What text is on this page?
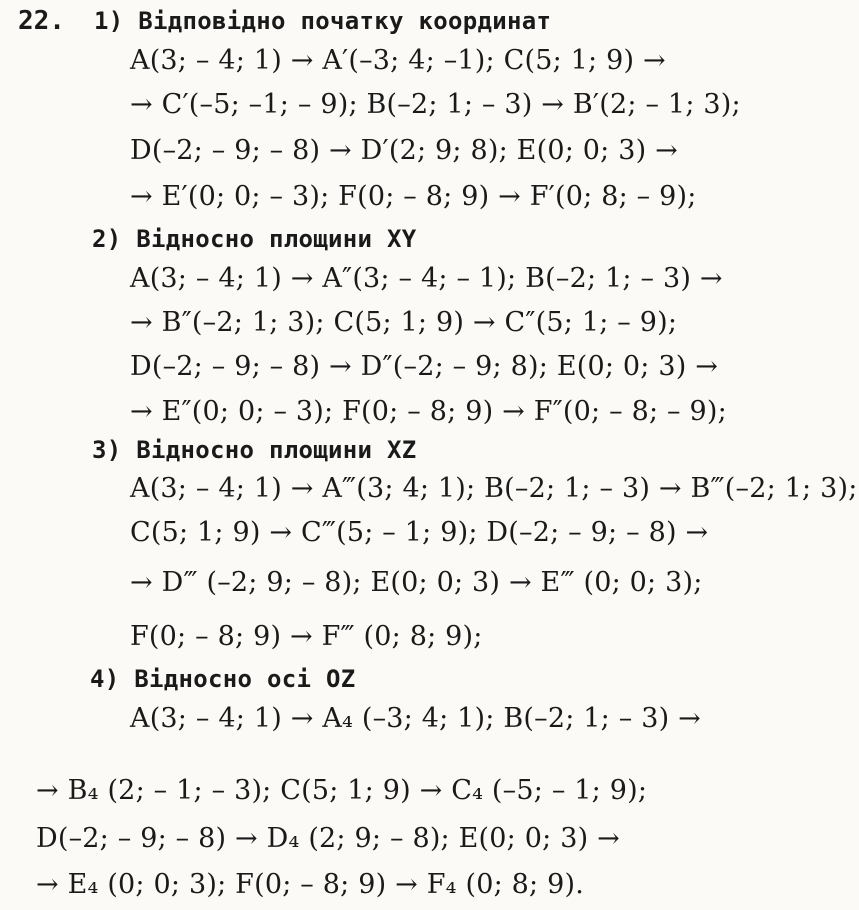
22. 1) Відповідно початку координат
A(3; – 4; 1) → A′(–3; 4; –1); C(5; 1; 9) →
→ C′(–5; –1; – 9); B(–2; 1; – 3) → B′(2; – 1; 3);
D(–2; – 9; – 8) → D′(2; 9; 8); E(0; 0; 3) →
→ E′(0; 0; – 3); F(0; – 8; 9) → F′(0; 8; – 9);
2) Відносно площини XY
A(3; – 4; 1) → A″(3; – 4; – 1); B(–2; 1; – 3) →
→ B″(–2; 1; 3); C(5; 1; 9) → C″(5; 1; – 9);
D(–2; – 9; – 8) → D″(–2; – 9; 8); E(0; 0; 3) →
→ E″(0; 0; – 3); F(0; – 8; 9) → F″(0; – 8; – 9);
3) Відносно площини XZ
A(3; – 4; 1) → A‴(3; 4; 1); B(–2; 1; – 3) → B‴(–2; 1; 3);
C(5; 1; 9) → C‴(5; – 1; 9); D(–2; – 9; – 8) →
→ D‴ (–2; 9; – 8); E(0; 0; 3) → E‴ (0; 0; 3);
F(0; – 8; 9) → F‴ (0; 8; 9);
4) Відносно осі OZ
A(3; – 4; 1) → A₄ (–3; 4; 1); B(–2; 1; – 3) →
→ B₄ (2; – 1; – 3); C(5; 1; 9) → C₄ (–5; – 1; 9);
D(–2; – 9; – 8) → D₄ (2; 9; – 8); E(0; 0; 3) →
→ E₄ (0; 0; 3); F(0; – 8; 9) → F₄ (0; 8; 9).
